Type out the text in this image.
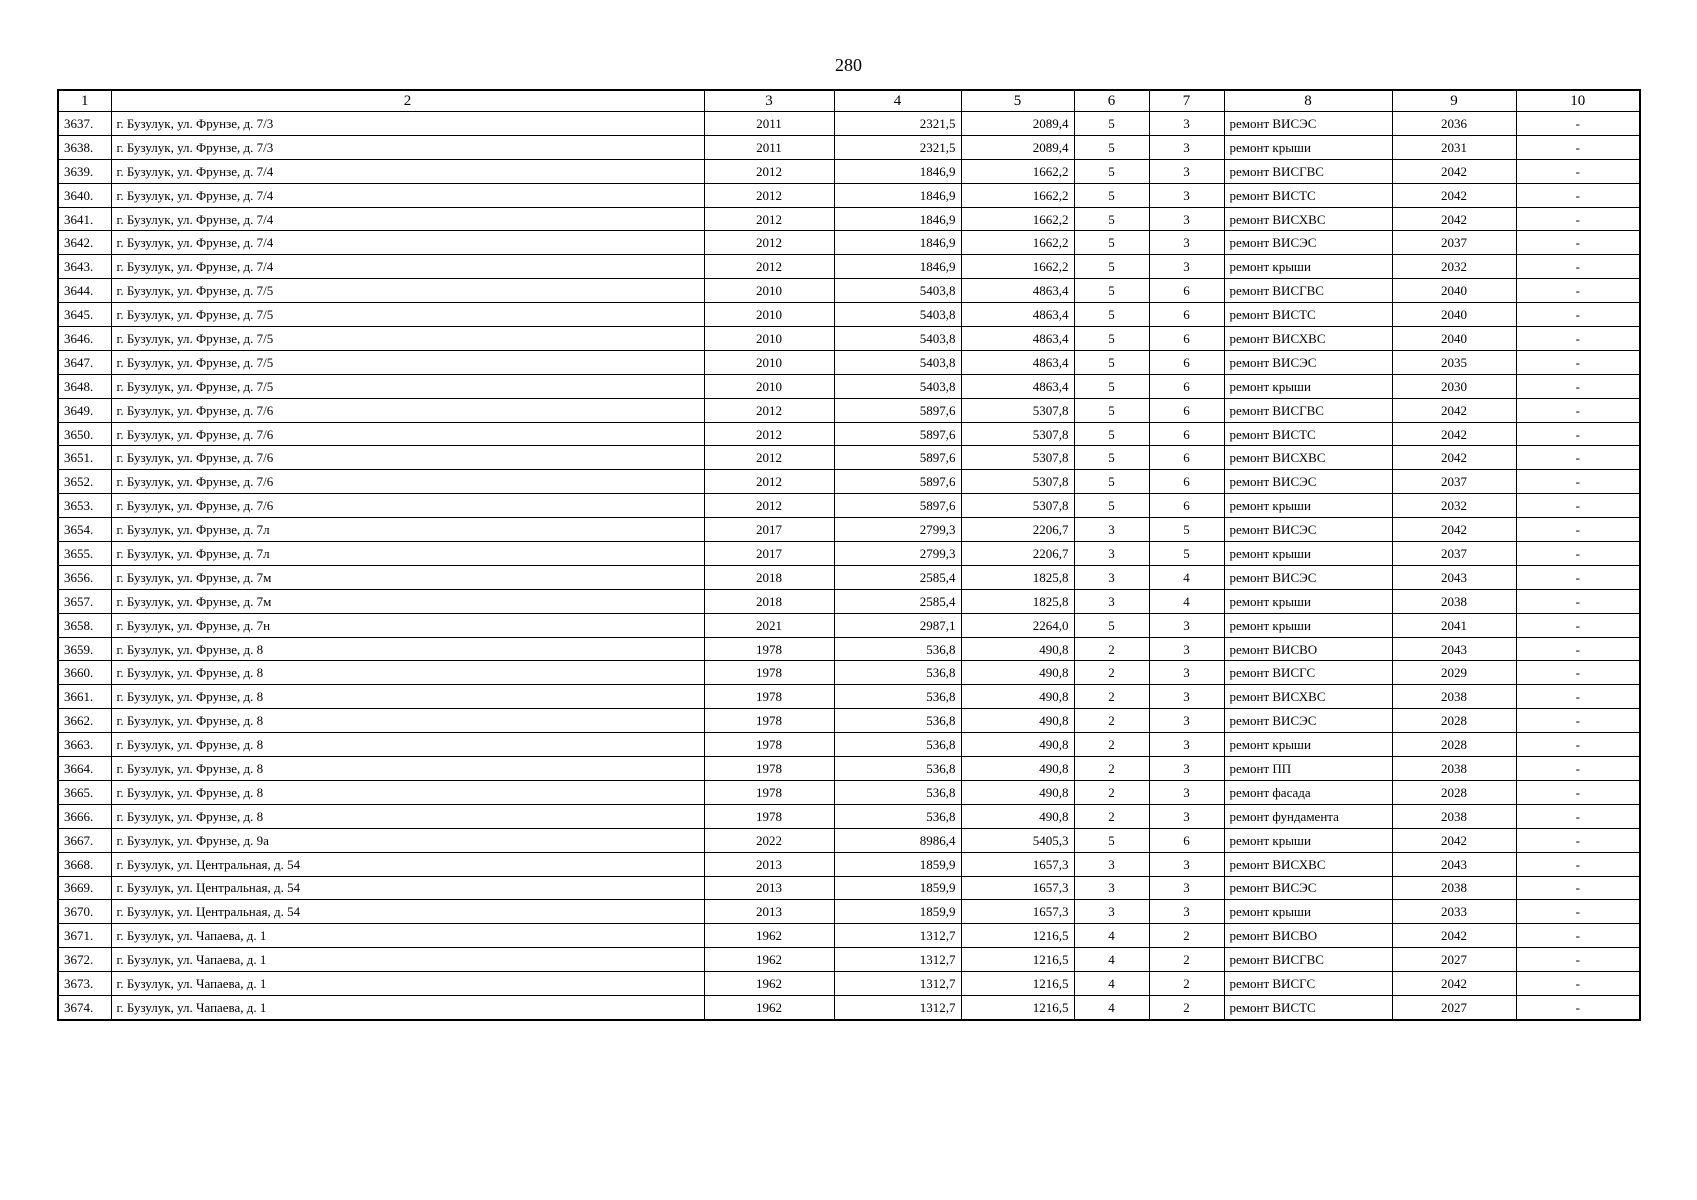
280
1	2	3	4	5	6	7	8	9	10
3637.	г. Бузулук, ул. Фрунзе, д. 7/3	2011	2321,5	2089,4	5	3	ремонт ВИСЭС	2036	-
3638.	г. Бузулук, ул. Фрунзе, д. 7/3	2011	2321,5	2089,4	5	3	ремонт крыши	2031	-
3639.	г. Бузулук, ул. Фрунзе, д. 7/4	2012	1846,9	1662,2	5	3	ремонт ВИСГВС	2042	-
3640.	г. Бузулук, ул. Фрунзе, д. 7/4	2012	1846,9	1662,2	5	3	ремонт ВИСТС	2042	-
3641.	г. Бузулук, ул. Фрунзе, д. 7/4	2012	1846,9	1662,2	5	3	ремонт ВИСХВС	2042	-
3642.	г. Бузулук, ул. Фрунзе, д. 7/4	2012	1846,9	1662,2	5	3	ремонт ВИСЭС	2037	-
3643.	г. Бузулук, ул. Фрунзе, д. 7/4	2012	1846,9	1662,2	5	3	ремонт крыши	2032	-
3644.	г. Бузулук, ул. Фрунзе, д. 7/5	2010	5403,8	4863,4	5	6	ремонт ВИСГВС	2040	-
3645.	г. Бузулук, ул. Фрунзе, д. 7/5	2010	5403,8	4863,4	5	6	ремонт ВИСТС	2040	-
3646.	г. Бузулук, ул. Фрунзе, д. 7/5	2010	5403,8	4863,4	5	6	ремонт ВИСХВС	2040	-
3647.	г. Бузулук, ул. Фрунзе, д. 7/5	2010	5403,8	4863,4	5	6	ремонт ВИСЭС	2035	-
3648.	г. Бузулук, ул. Фрунзе, д. 7/5	2010	5403,8	4863,4	5	6	ремонт крыши	2030	-
3649.	г. Бузулук, ул. Фрунзе, д. 7/6	2012	5897,6	5307,8	5	6	ремонт ВИСГВС	2042	-
3650.	г. Бузулук, ул. Фрунзе, д. 7/6	2012	5897,6	5307,8	5	6	ремонт ВИСТС	2042	-
3651.	г. Бузулук, ул. Фрунзе, д. 7/6	2012	5897,6	5307,8	5	6	ремонт ВИСХВС	2042	-
3652.	г. Бузулук, ул. Фрунзе, д. 7/6	2012	5897,6	5307,8	5	6	ремонт ВИСЭС	2037	-
3653.	г. Бузулук, ул. Фрунзе, д. 7/6	2012	5897,6	5307,8	5	6	ремонт крыши	2032	-
3654.	г. Бузулук, ул. Фрунзе, д. 7л	2017	2799,3	2206,7	3	5	ремонт ВИСЭС	2042	-
3655.	г. Бузулук, ул. Фрунзе, д. 7л	2017	2799,3	2206,7	3	5	ремонт крыши	2037	-
3656.	г. Бузулук, ул. Фрунзе, д. 7м	2018	2585,4	1825,8	3	4	ремонт ВИСЭС	2043	-
3657.	г. Бузулук, ул. Фрунзе, д. 7м	2018	2585,4	1825,8	3	4	ремонт крыши	2038	-
3658.	г. Бузулук, ул. Фрунзе, д. 7н	2021	2987,1	2264,0	5	3	ремонт крыши	2041	-
3659.	г. Бузулук, ул. Фрунзе, д. 8	1978	536,8	490,8	2	3	ремонт ВИСВО	2043	-
3660.	г. Бузулук, ул. Фрунзе, д. 8	1978	536,8	490,8	2	3	ремонт ВИСГС	2029	-
3661.	г. Бузулук, ул. Фрунзе, д. 8	1978	536,8	490,8	2	3	ремонт ВИСХВС	2038	-
3662.	г. Бузулук, ул. Фрунзе, д. 8	1978	536,8	490,8	2	3	ремонт ВИСЭС	2028	-
3663.	г. Бузулук, ул. Фрунзе, д. 8	1978	536,8	490,8	2	3	ремонт крыши	2028	-
3664.	г. Бузулук, ул. Фрунзе, д. 8	1978	536,8	490,8	2	3	ремонт ПП	2038	-
3665.	г. Бузулук, ул. Фрунзе, д. 8	1978	536,8	490,8	2	3	ремонт фасада	2028	-
3666.	г. Бузулук, ул. Фрунзе, д. 8	1978	536,8	490,8	2	3	ремонт фундамента	2038	-
3667.	г. Бузулук, ул. Фрунзе, д. 9а	2022	8986,4	5405,3	5	6	ремонт крыши	2042	-
3668.	г. Бузулук, ул. Центральная, д. 54	2013	1859,9	1657,3	3	3	ремонт ВИСХВС	2043	-
3669.	г. Бузулук, ул. Центральная, д. 54	2013	1859,9	1657,3	3	3	ремонт ВИСЭС	2038	-
3670.	г. Бузулук, ул. Центральная, д. 54	2013	1859,9	1657,3	3	3	ремонт крыши	2033	-
3671.	г. Бузулук, ул. Чапаева, д. 1	1962	1312,7	1216,5	4	2	ремонт ВИСВО	2042	-
3672.	г. Бузулук, ул. Чапаева, д. 1	1962	1312,7	1216,5	4	2	ремонт ВИСГВС	2027	-
3673.	г. Бузулук, ул. Чапаева, д. 1	1962	1312,7	1216,5	4	2	ремонт ВИСГС	2042	-
3674.	г. Бузулук, ул. Чапаева, д. 1	1962	1312,7	1216,5	4	2	ремонт ВИСТС	2027	-
